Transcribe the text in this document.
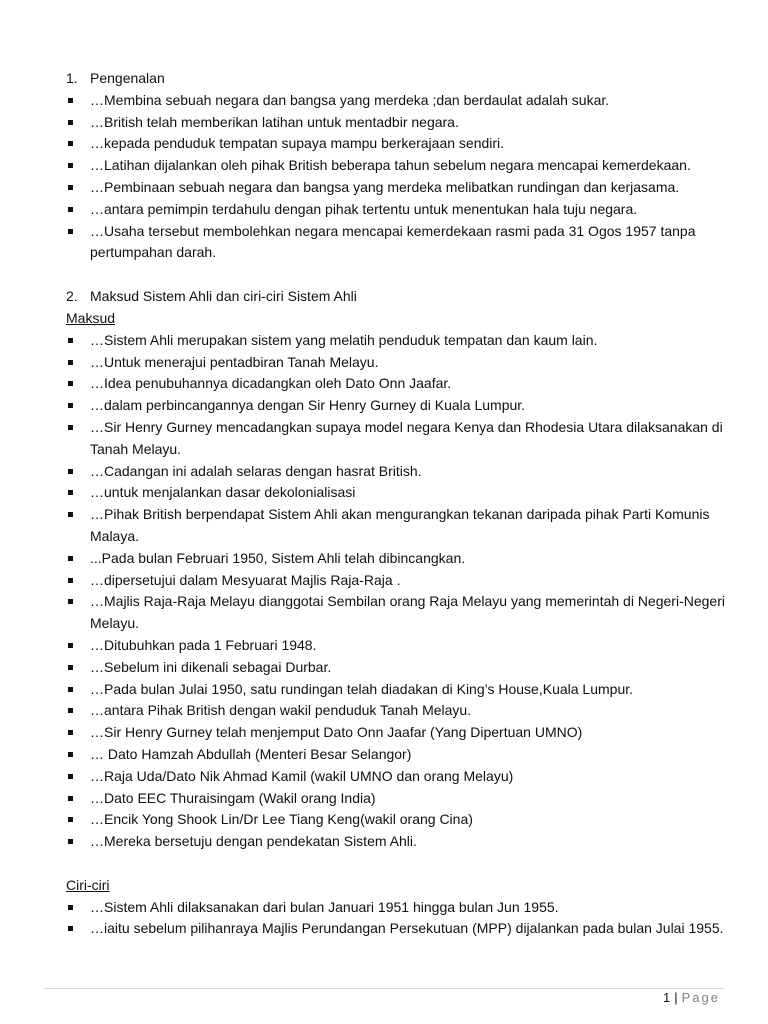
1. Pengenalan
…Membina sebuah negara dan bangsa yang merdeka ;dan berdaulat adalah sukar.
…British telah memberikan latihan untuk mentadbir negara.
…kepada penduduk tempatan supaya mampu berkerajaan sendiri.
…Latihan dijalankan oleh pihak British beberapa tahun sebelum negara mencapai kemerdekaan.
…Pembinaan sebuah negara dan bangsa yang merdeka melibatkan rundingan dan kerjasama.
…antara pemimpin terdahulu dengan pihak tertentu untuk menentukan hala tuju negara.
…Usaha tersebut membolehkan negara mencapai kemerdekaan rasmi pada 31 Ogos 1957 tanpa pertumpahan darah.
2. Maksud Sistem Ahli dan ciri-ciri Sistem Ahli
Maksud
…Sistem Ahli merupakan sistem yang melatih penduduk tempatan dan kaum lain.
…Untuk menerajui pentadbiran Tanah Melayu.
…Idea penubuhannya dicadangkan oleh Dato Onn Jaafar.
…dalam perbincangannya dengan Sir Henry Gurney di Kuala Lumpur.
…Sir Henry Gurney mencadangkan supaya model negara Kenya dan Rhodesia Utara dilaksanakan di Tanah Melayu.
…Cadangan ini adalah selaras dengan hasrat British.
…untuk menjalankan dasar dekolonialisasi
…Pihak British berpendapat Sistem Ahli akan mengurangkan tekanan daripada pihak Parti Komunis Malaya.
...Pada bulan Februari 1950, Sistem Ahli telah dibincangkan.
…dipersetujui dalam Mesyuarat Majlis Raja-Raja .
…Majlis Raja-Raja Melayu dianggotai Sembilan orang Raja Melayu yang memerintah di Negeri-Negeri Melayu.
…Ditubuhkan pada 1 Februari 1948.
…Sebelum ini dikenali sebagai Durbar.
…Pada bulan Julai 1950, satu rundingan telah diadakan di King’s House,Kuala Lumpur.
…antara Pihak British dengan wakil penduduk Tanah Melayu.
…Sir Henry Gurney telah menjemput Dato Onn Jaafar (Yang Dipertuan UMNO)
… Dato Hamzah Abdullah (Menteri Besar Selangor)
…Raja Uda/Dato Nik Ahmad Kamil (wakil UMNO dan orang Melayu)
…Dato EEC Thuraisingam (Wakil orang India)
…Encik Yong Shook Lin/Dr Lee Tiang Keng(wakil orang Cina)
…Mereka bersetuju dengan pendekatan Sistem Ahli.
Ciri-ciri
…Sistem Ahli dilaksanakan dari bulan Januari 1951 hingga bulan Jun 1955.
…iaitu sebelum pilihanraya Majlis Perundangan Persekutuan (MPP) dijalankan pada bulan Julai 1955.
1 | Page
